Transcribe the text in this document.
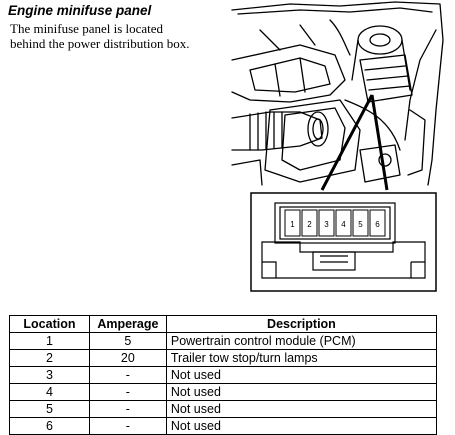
Engine minifuse panel
The minifuse panel is located
behind the power distribution box.
1 2 3 4 5 6
Location	Amperage	Description
1	5	Powertrain control module (PCM)
2	20	Trailer tow stop/turn lamps
3	-	Not used
4	-	Not used
5	-	Not used
6	-	Not used
